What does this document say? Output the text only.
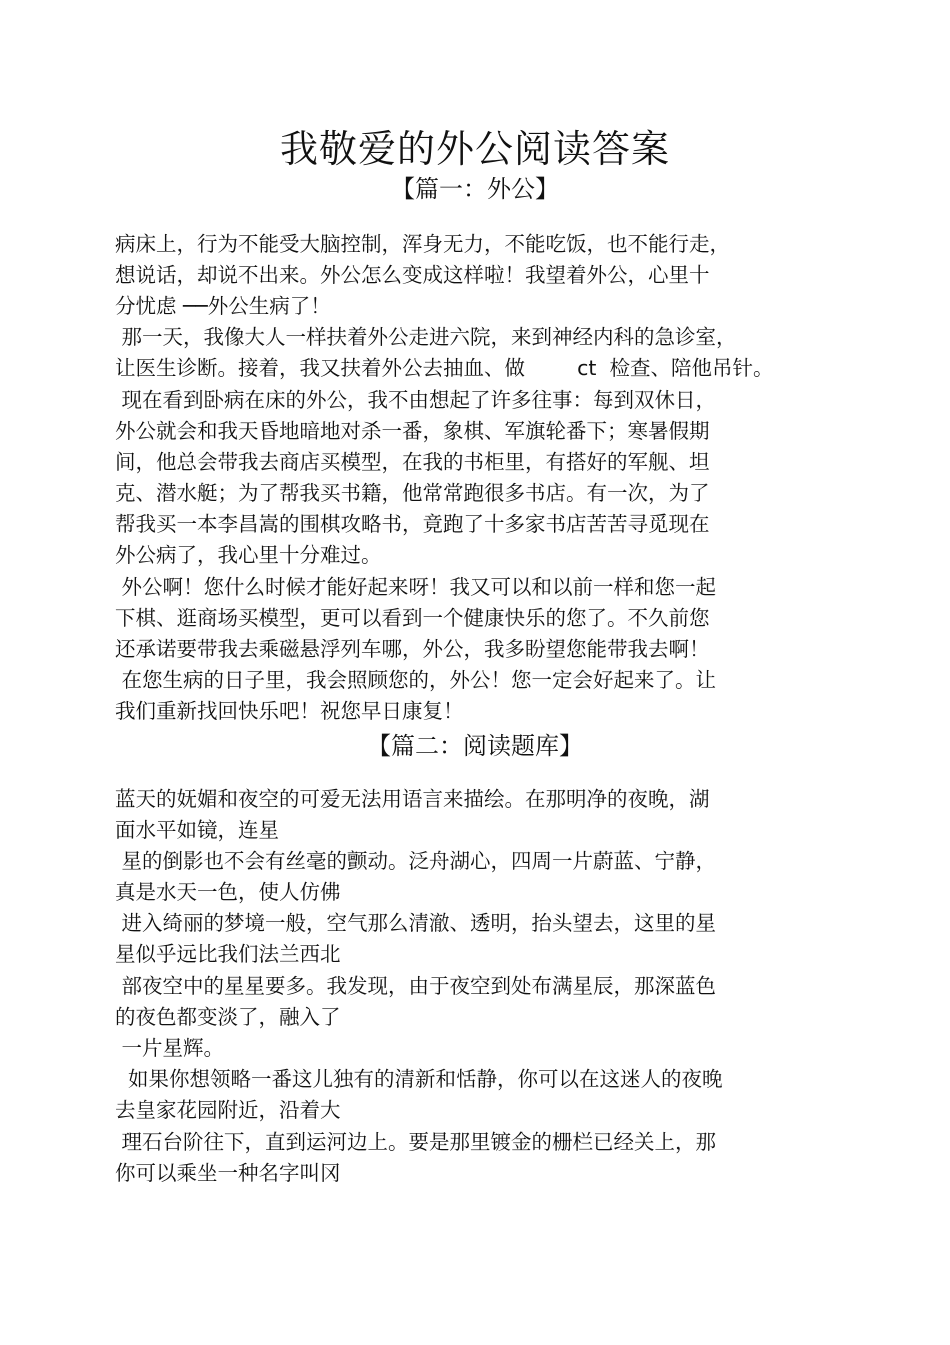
我敬爱的外公阅读答案
【篇一：外公】
病床上，行为不能受大脑控制，浑身无力，不能吃饭，也不能行走，
想说话，却说不出来。外公怎么变成这样啦！我望着外公，心里十
分忧虑 ──外公生病了！
那一天，我像大人一样扶着外公走进六院，来到神经内科的急诊室，
让医生诊断。接着，我又扶着外公去抽血、做        ct  检查、陪他吊针。
现在看到卧病在床的外公，我不由想起了许多往事：每到双休日，
外公就会和我天昏地暗地对杀一番，象棋、军旗轮番下；寒暑假期
间，他总会带我去商店买模型，在我的书柜里，有搭好的军舰、坦
克、潜水艇；为了帮我买书籍，他常常跑很多书店。有一次，为了
帮我买一本李昌嵩的围棋攻略书，竟跑了十多家书店苦苦寻觅现在
外公病了，我心里十分难过。
外公啊！您什么时候才能好起来呀！我又可以和以前一样和您一起
下棋、逛商场买模型，更可以看到一个健康快乐的您了。不久前您
还承诺要带我去乘磁悬浮列车哪，外公，我多盼望您能带我去啊！
在您生病的日子里，我会照顾您的，外公！您一定会好起来了。让
我们重新找回快乐吧！祝您早日康复！
【篇二：阅读题库】
蓝天的妩媚和夜空的可爱无法用语言来描绘。在那明净的夜晚，湖
面水平如镜，连星
星的倒影也不会有丝毫的颤动。泛舟湖心，四周一片蔚蓝、宁静，
真是水天一色，使人仿佛
进入绮丽的梦境一般，空气那么清澈、透明，抬头望去，这里的星
星似乎远比我们法兰西北
部夜空中的星星要多。我发现，由于夜空到处布满星辰，那深蓝色
的夜色都变淡了，融入了
一片星辉。
如果你想领略一番这儿独有的清新和恬静，你可以在这迷人的夜晚
去皇家花园附近，沿着大
理石台阶往下，直到运河边上。要是那里镀金的栅栏已经关上，那
你可以乘坐一种名字叫冈
